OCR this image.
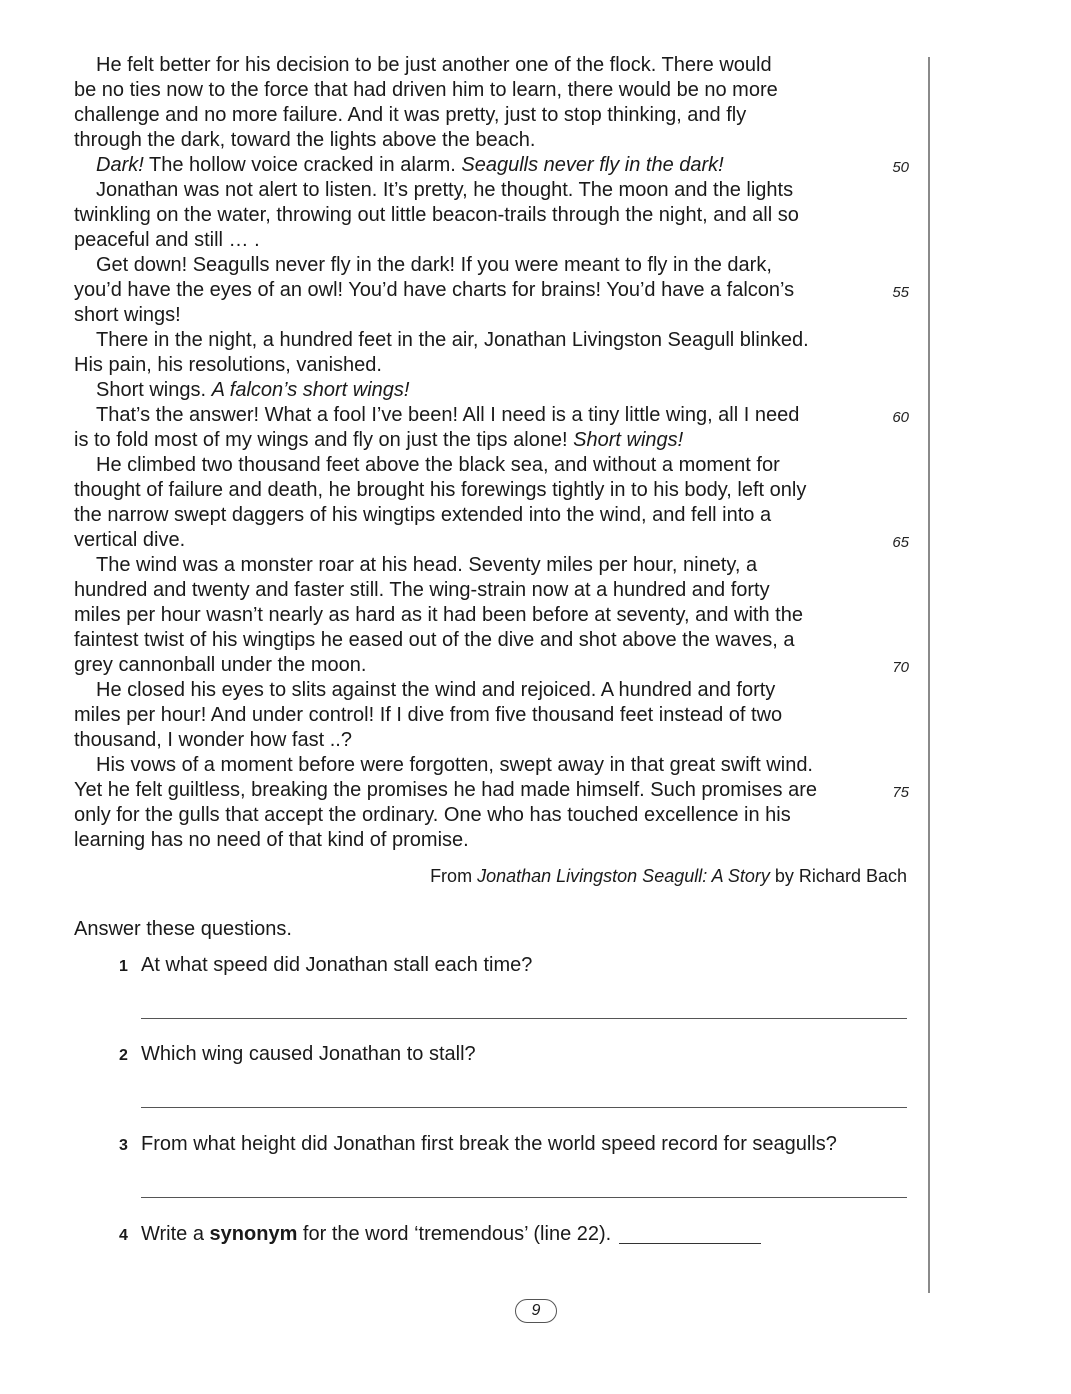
He felt better for his decision to be just another one of the flock. There would
be no ties now to the force that had driven him to learn, there would be no more
challenge and no more failure. And it was pretty, just to stop thinking, and fly
through the dark, toward the lights above the beach.
Dark! The hollow voice cracked in alarm. Seagulls never fly in the dark!	50
Jonathan was not alert to listen. It’s pretty, he thought. The moon and the lights
twinkling on the water, throwing out little beacon-trails through the night, and all so
peaceful and still … .
Get down! Seagulls never fly in the dark! If you were meant to fly in the dark,
you’d have the eyes of an owl! You’d have charts for brains! You’d have a falcon’s	55
short wings!
There in the night, a hundred feet in the air, Jonathan Livingston Seagull blinked.
His pain, his resolutions, vanished.
Short wings. A falcon’s short wings!
That’s the answer! What a fool I’ve been! All I need is a tiny little wing, all I need	60
is to fold most of my wings and fly on just the tips alone! Short wings!
He climbed two thousand feet above the black sea, and without a moment for
thought of failure and death, he brought his forewings tightly in to his body, left only
the narrow swept daggers of his wingtips extended into the wind, and fell into a
vertical dive.	65
The wind was a monster roar at his head. Seventy miles per hour, ninety, a
hundred and twenty and faster still. The wing-strain now at a hundred and forty
miles per hour wasn’t nearly as hard as it had been before at seventy, and with the
faintest twist of his wingtips he eased out of the dive and shot above the waves, a
grey cannonball under the moon.	70
He closed his eyes to slits against the wind and rejoiced. A hundred and forty
miles per hour! And under control! If I dive from five thousand feet instead of two
thousand, I wonder how fast ..?
His vows of a moment before were forgotten, swept away in that great swift wind.
Yet he felt guiltless, breaking the promises he had made himself. Such promises are	75
only for the gulls that accept the ordinary. One who has touched excellence in his
learning has no need of that kind of promise.
From Jonathan Livingston Seagull: A Story by Richard Bach
Answer these questions.
1 At what speed did Jonathan stall each time?
2 Which wing caused Jonathan to stall?
3 From what height did Jonathan first break the world speed record for seagulls?
4 Write a synonym for the word ‘tremendous’ (line 22).
9
